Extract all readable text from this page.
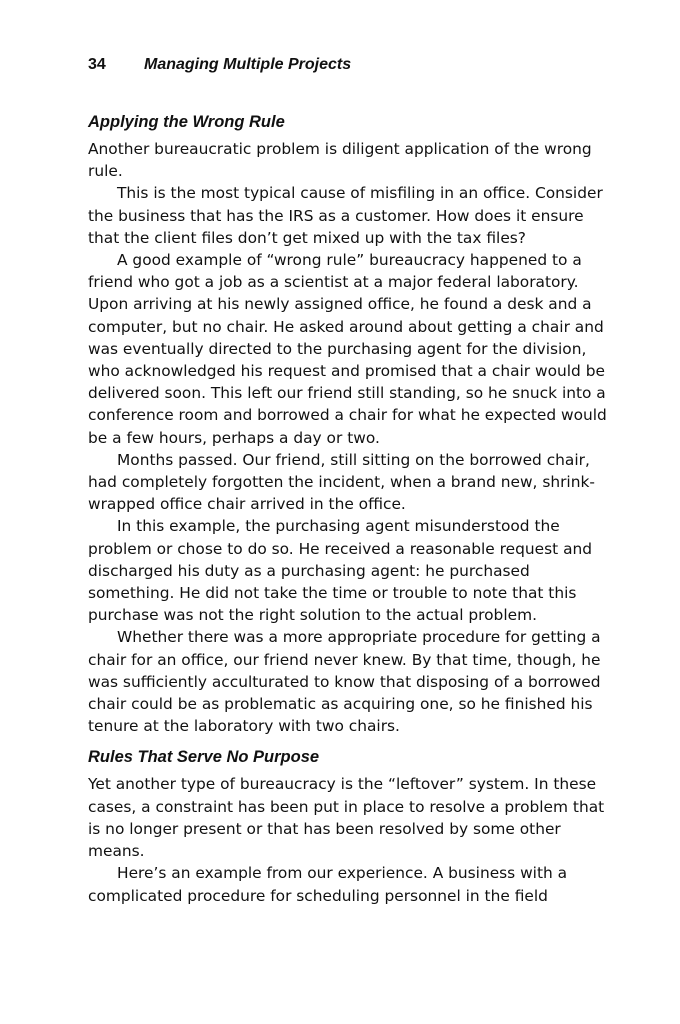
34 Managing Multiple Projects
Applying the Wrong Rule

Another bureaucratic problem is diligent application of the wrong rule.

This is the most typical cause of misfiling in an office. Consider the business that has the IRS as a customer. How does it ensure that the client files don’t get mixed up with the tax files?

A good example of “wrong rule” bureaucracy happened to a friend who got a job as a scientist at a major federal laboratory. Upon arriving at his newly assigned office, he found a desk and a computer, but no chair. He asked around about getting a chair and was eventually directed to the purchasing agent for the division, who acknowledged his request and promised that a chair would be delivered soon. This left our friend still standing, so he snuck into a conference room and borrowed a chair for what he expected would be a few hours, perhaps a day or two.

Months passed. Our friend, still sitting on the borrowed chair, had completely forgotten the incident, when a brand new, shrink-wrapped office chair arrived in the office.

In this example, the purchasing agent misunderstood the problem or chose to do so. He received a reasonable request and discharged his duty as a purchasing agent: he purchased something. He did not take the time or trouble to note that this purchase was not the right solution to the actual problem.

Whether there was a more appropriate procedure for getting a chair for an office, our friend never knew. By that time, though, he was sufficiently acculturated to know that disposing of a borrowed chair could be as problematic as acquiring one, so he finished his tenure at the laboratory with two chairs.

Rules That Serve No Purpose

Yet another type of bureaucracy is the “leftover” system. In these cases, a constraint has been put in place to resolve a problem that is no longer present or that has been resolved by some other means.

Here’s an example from our experience. A business with a complicated procedure for scheduling personnel in the field
